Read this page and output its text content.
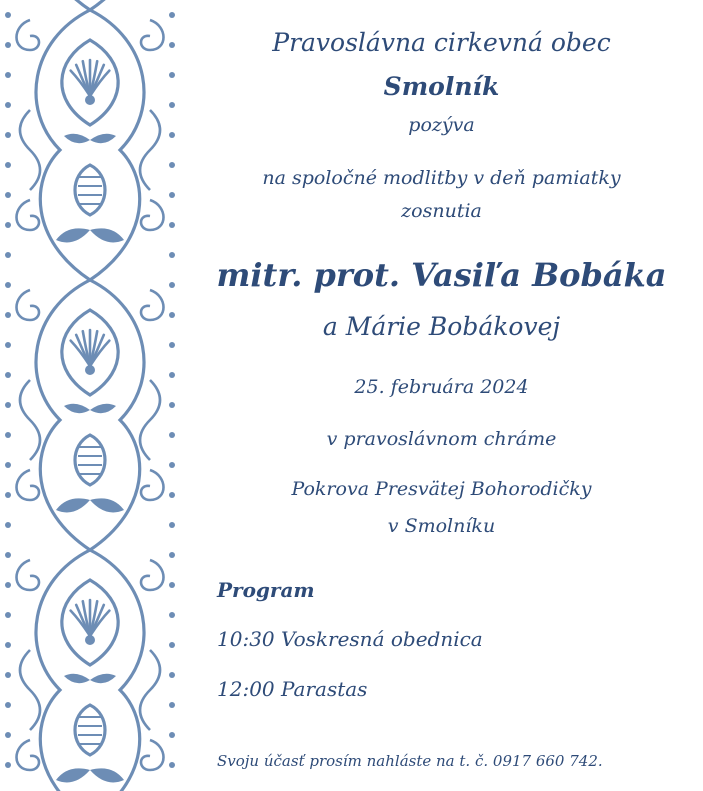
Pravoslávna cirkevná obec
Smolník
pozýva
na spoločné modlitby v deň pamiatky
zosnutia
mitr. prot. Vasiľa Bobáka
a Márie Bobákovej
25. februára 2024
v pravoslávnom chráme
Pokrova Presvätej Bohorodičky
v Smolníku
Program
10:30 Voskresná obednica
12:00 Parastas
Svoju účasť prosím nahláste na t. č. 0917 660 742.
